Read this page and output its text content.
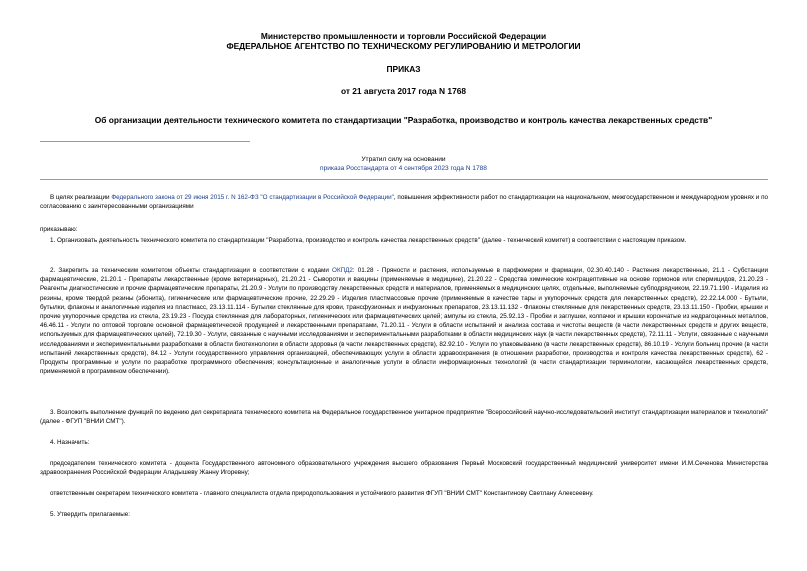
Министерство промышленности и торговли Российской Федерации
ФЕДЕРАЛЬНОЕ АГЕНТСТВО ПО ТЕХНИЧЕСКОМУ РЕГУЛИРОВАНИЮ И МЕТРОЛОГИИ
ПРИКАЗ
от 21 августа 2017 года N 1768
Об организации деятельности технического комитета по стандартизации "Разработка, производство и контроль качества лекарственных средств"
Утратил силу на основании
приказа Росстандарта от 4 сентября 2023 года N 1788
В целях реализации Федерального закона от 29 июня 2015 г. N 162-ФЗ "О стандартизации в Российской Федерации", повышения эффективности работ по стандартизации на национальном, межгосударственном и международном уровнях и по согласованию с заинтересованными организациями
приказываю:
1. Организовать деятельность технического комитета по стандартизации "Разработка, производство и контроль качества лекарственных средств" (далее - технический комитет) в соответствии с настоящим приказом.
2. Закрепить за техническим комитетом объекты стандартизации в соответствии с кодами ОКПД2: 01.28 - Пряности и растения, используемые в парфюмерии и фармации, 02.30.40.140 - Растения лекарственные, 21.1 - Субстанции фармацевтические, 21.20.1 - Препараты лекарственные (кроме ветеринарных), 21.20.21 - Сыворотки и вакцины (применяемые в медицине), 21.20.22 - Средства химические контрацептивные на основе гормонов или спермицидов, 21.20.23 - Реагенты диагностические и прочие фармацевтические препараты, 21.20.9 - Услуги по производству лекарственных средств и материалов, применяемых в медицинских целях, отдельные, выполняемые субподрядчиком, 22.19.71.190 - Изделия из резины, кроме твердой резины (эбонита), гигиенические или фармацевтические прочие, 22.29.29 - Изделия пластмассовые прочие (применяемые в качестве тары и укупорочных средств для лекарственных средств), 22.22.14.000 - Бутыли, бутылки, флаконы и аналогичные изделия из пластмасс, 23.13.11.114 - Бутылки стеклянные для крови, трансфузионных и инфузионных препаратов, 23.13.11.132 - Флаконы стеклянные для лекарственных средств, 23.13.11.150 - Пробки, крышки и прочие укупорочные средства из стекла, 23.19.23 - Посуда стеклянная для лабораторных, гигиенических или фармацевтических целей; ампулы из стекла, 25.92.13 - Пробки и заглушки, колпачки и крышки корончатые из недрагоценных металлов, 46.46.11 - Услуги по оптовой торговле основной фармацевтической продукцией и лекарственными препаратами, 71.20.11 - Услуги в области испытаний и анализа состава и чистоты веществ (в части лекарственных средств и других веществ, используемых для фармацевтических целей), 72.19.30 - Услуги, связанные с научными исследованиями и экспериментальными разработками в области медицинских наук (в части лекарственных средств), 72.11.11 - Услуги, связанные с научными исследованиями и экспериментальными разработками в области биотехнологии в области здоровья (в части лекарственных средств), 82.92.10 - Услуги по упаковыванию (в части лекарственных средств), 86.10.19 - Услуги больниц прочие (в части испытаний лекарственных средств), 84.12 - Услуги государственного управления организацией, обеспечивающих услуги в области здравоохранения (в отношении разработки, производства и контроля качества лекарственных средств), 62 - Продукты программные и услуги по разработке программного обеспечения; консультационные и аналогичные услуги в области информационных технологий (в части стандартизации терминологии, касающейся лекарственных средств, применяемой в программном обеспечении).
3. Возложить выполнение функций по ведению дел секретариата технического комитета на Федеральное государственное унитарное предприятие "Всероссийский научно-исследовательский институт стандартизации материалов и технологий" (далее - ФГУП "ВНИИ СМТ").
4. Назначить:
председателем технического комитета - доцента Государственного автономного образовательного учреждения высшего образования Первый Московский государственный медицинский университет имени И.М.Сеченова Министерства здравоохранения Российской Федерации Аладышеву Жанну Игоревну;
ответственным секретарем технического комитета - главного специалиста отдела природопользования и устойчивого развития ФГУП "ВНИИ СМТ" Константинову Светлану Алексеевну.
5. Утвердить прилагаемые:
